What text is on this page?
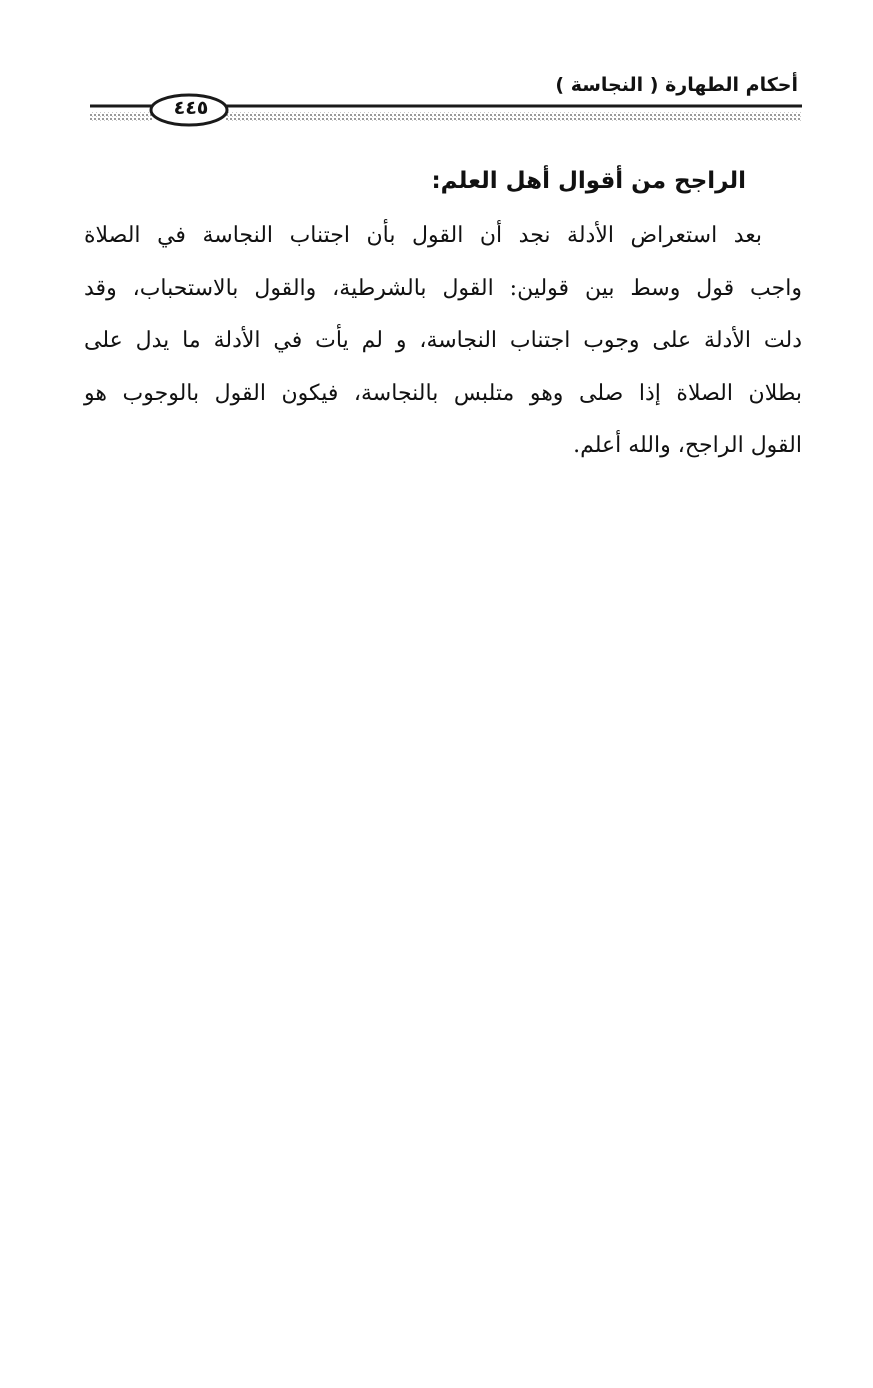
٤٤٥
أحكام الطهارة ( النجاسة )
الراجح من أقوال أهل العلم:
بعد استعراض الأدلة نجد أن القول بأن اجتناب النجاسة في الصلاة
واجب قول وسط بين قولين: القول بالشرطية، والقول بالاستحباب، وقد
دلت الأدلة على وجوب اجتناب النجاسة، و لم يأت في الأدلة ما يدل على
بطلان الصلاة إذا صلى وهو متلبس بالنجاسة، فيكون القول بالوجوب هو
القول الراجح، والله أعلم.
